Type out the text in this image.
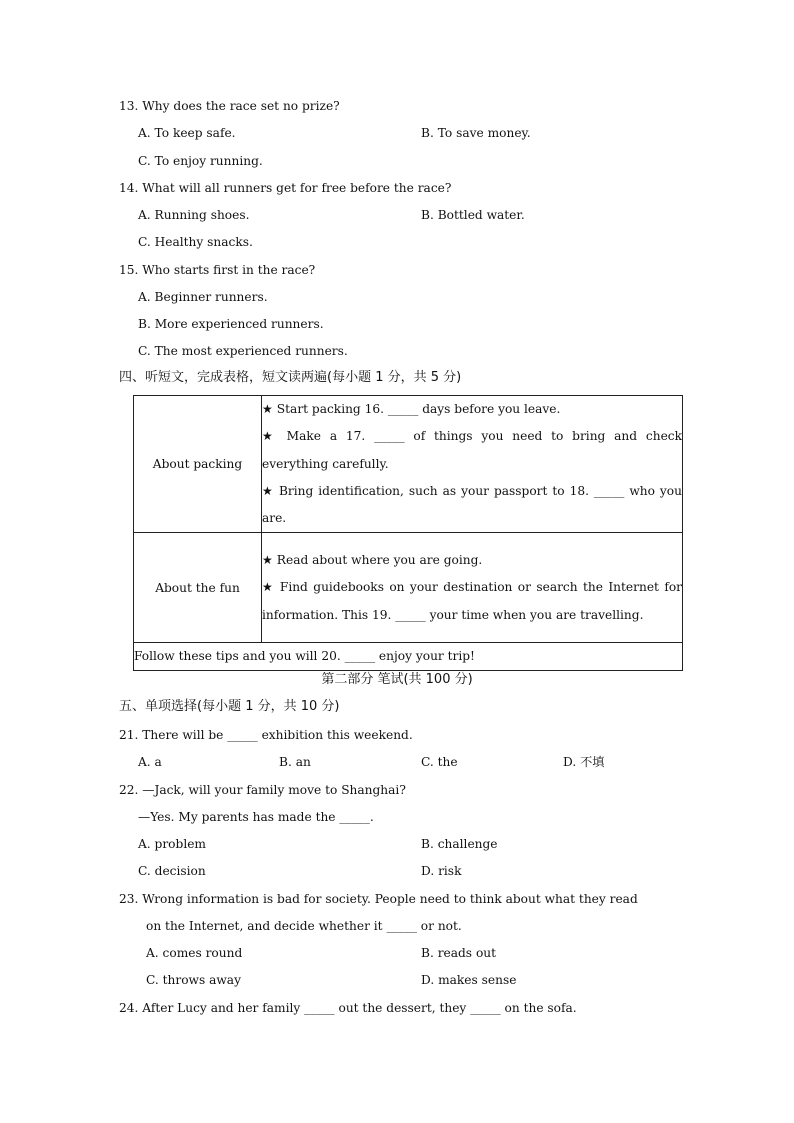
13. Why does the race set no prize?
A. To keep safe.	B. To save money.
C. To enjoy running.
14. What will all runners get for free before the race?
A. Running shoes.	B. Bottled water.
C. Healthy snacks.
15. Who starts first in the race?
A. Beginner runners.
B. More experienced runners.
C. The most experienced runners.
四、听短文，完成表格，短文读两遍(每小题 1 分，共 5 分)
About packing	★ Start packing 16. _____ days before you leave.

★ Make a 17. _____ of things you need to bring and check everything carefully.

★ Bring identification, such as your passport to 18. _____ who you are.

About the fun	★ Read about where you are going.

★ Find guidebooks on your destination or search the Internet for information. This 19. _____ your time when you are travelling.

Follow these tips and you will 20. _____ enjoy your trip!	
第二部分 笔试(共 100 分)
五、单项选择(每小题 1 分，共 10 分)
21. There will be _____ exhibition this weekend.
A. a	B. an	C. the	D. 不填
22. —Jack, will your family move to Shanghai?
—Yes. My parents has made the _____.
A. problem	B. challenge
C. decision	D. risk
23. Wrong information is bad for society. People need to think about what they read
on the Internet, and decide whether it _____ or not.
A. comes round	B. reads out
C. throws away	D. makes sense
24. After Lucy and her family _____ out the dessert, they _____ on the sofa.
